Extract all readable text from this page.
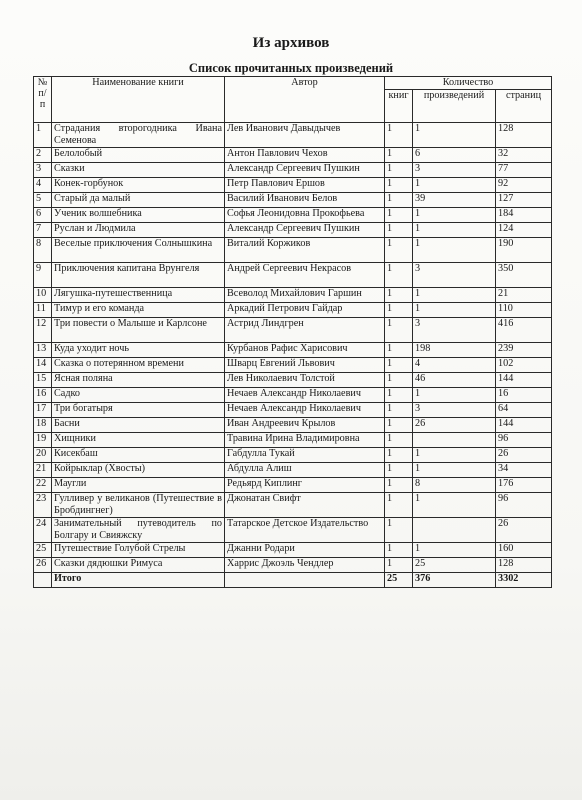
Из архивов
Список прочитанных произведений
№ п/ п	Наименование книги	Автор	Количество		
			книг	произведений	страниц
1	Страдания второгодника Ивана Семенова	Лев Иванович Давыдычев	1	1	128
2	Белолобый	Антон Павлович Чехов	1	6	32
3	Сказки	Александр Сергеевич Пушкин	1	3	77
4	Конек-горбунок	Петр Павлович Ершов	1	1	92
5	Старый да малый	Василий Иванович Белов	1	39	127
6	Ученик волшебника	Софья Леонидовна Прокофьева	1	1	184
7	Руслан и Людмила	Александр Сергеевич Пушкин	1	1	124
8	Веселые приключения Солнышкина	Виталий Коржиков	1	1	190
9	Приключения капитана Врунгеля	Андрей Сергеевич Некрасов	1	3	350
10	Лягушка-путешественница	Всеволод Михайлович Гаршин	1	1	21
11	Тимур и его команда	Аркадий Петрович Гайдар	1	1	110
12	Три повести о Малыше и Карлсоне	Астрид Линдгрен	1	3	416
13	Куда уходит ночь	Курбанов Рафис Харисович	1	198	239
14	Сказка о потерянном времени	Шварц Евгений Львович	1	4	102
15	Ясная поляна	Лев Николаевич Толстой	1	46	144
16	Садко	Нечаев Александр Николаевич	1	1	16
17	Три богатыря	Нечаев Александр Николаевич	1	3	64
18	Басни	Иван Андреевич Крылов	1	26	144
19	Хищники	Травина Ирина Владимировна	1		96
20	Кисекбаш	Габдулла Тукай	1	1	26
21	Койрыклар (Хвосты)	Абдулла Алиш	1	1	34
22	Маугли	Редьярд Киплинг	1	8	176
23	Гулливер у великанов (Путешествие в Бробдингнег)	Джонатан Свифт	1	1	96
24	Занимательный путеводитель по Болгару и Свияжску	Татарское Детское Издательство	1		26
25	Путешествие Голубой Стрелы	Джанни Родари	1	1	160
26	Сказки дядюшки Римуса	Харрис Джоэль Чендлер	1	25	128
	Итого		25	376	3302
